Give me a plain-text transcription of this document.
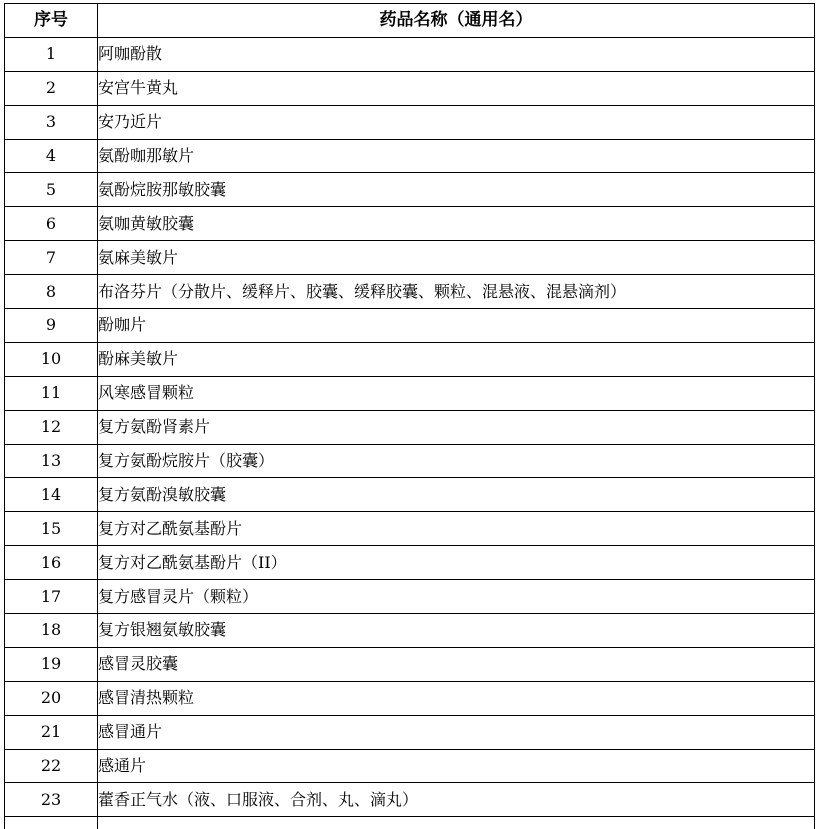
序号	药品名称（通用名）
1	阿咖酚散
2	安宫牛黄丸
3	安乃近片
4	氨酚咖那敏片
5	氨酚烷胺那敏胶囊
6	氨咖黄敏胶囊
7	氨麻美敏片
8	布洛芬片（分散片、缓释片、胶囊、缓释胶囊、颗粒、混悬液、混悬滴剂）
9	酚咖片
10	酚麻美敏片
11	风寒感冒颗粒
12	复方氨酚肾素片
13	复方氨酚烷胺片（胶囊）
14	复方氨酚溴敏胶囊
15	复方对乙酰氨基酚片
16	复方对乙酰氨基酚片（II）
17	复方感冒灵片（颗粒）
18	复方银翘氨敏胶囊
19	感冒灵胶囊
20	感冒清热颗粒
21	感冒通片
22	感通片
23	藿香正气水（液、口服液、合剂、丸、滴丸）
